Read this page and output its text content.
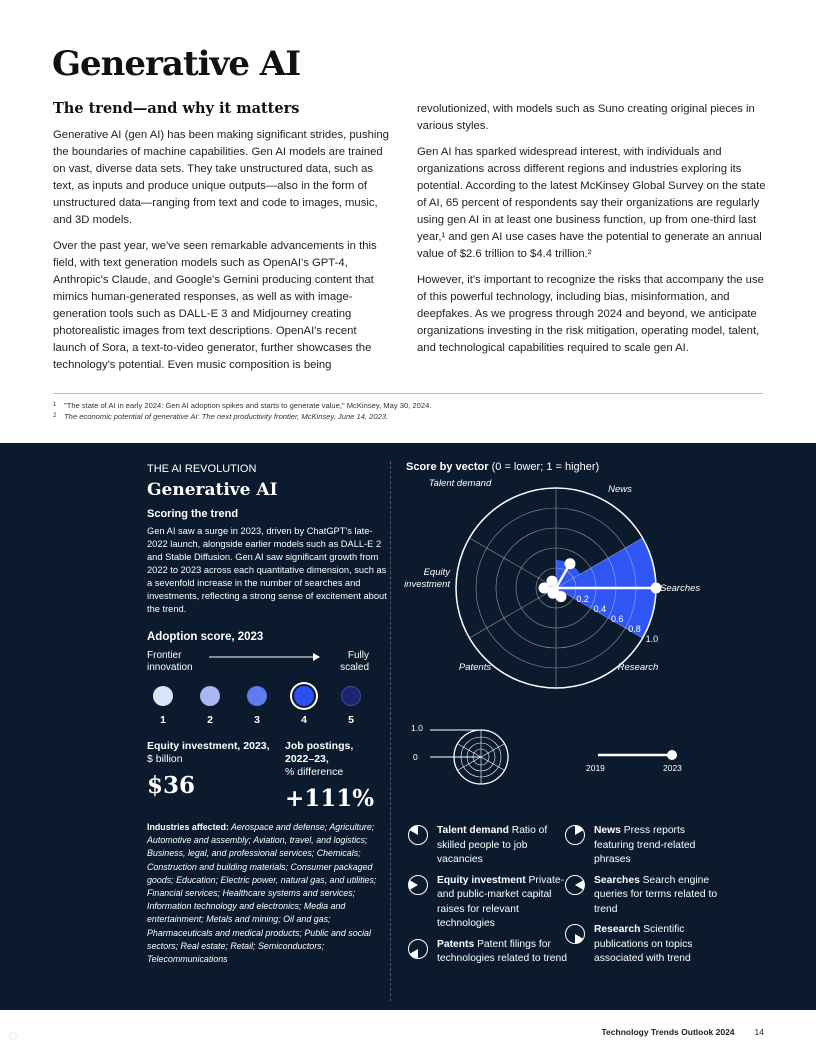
Generative AI
The trend—and why it matters

Generative AI (gen AI) has been making significant strides, pushing the boundaries of machine capabilities. Gen AI models are trained on vast, diverse data sets. They take unstructured data, such as text, as inputs and produce unique outputs—also in the form of unstructured data—ranging from text and code to images, music, and 3D models.

Over the past year, we've seen remarkable advancements in this field, with text generation models such as OpenAI's GPT-4, Anthropic's Claude, and Google's Gemini producing content that mimics human-generated responses, as well as with image-generation tools such as DALL-E 3 and Midjourney creating photorealistic images from text descriptions. OpenAI's recent launch of Sora, a text-to-video generator, further showcases the technology's potential. Even music composition is being

revolutionized, with models such as Suno creating original pieces in various styles.

Gen AI has sparked widespread interest, with individuals and organizations across different regions and industries exploring its potential. According to the latest McKinsey Global Survey on the state of AI, 65 percent of respondents say their organizations are regularly using gen AI in at least one business function, up from one-third last year,¹ and gen AI use cases have the potential to generate an annual value of $2.6 trillion to $4.4 trillion.²

However, it's important to recognize the risks that accompany the use of this powerful technology, including bias, misinformation, and deepfakes. As we progress through 2024 and beyond, we anticipate organizations investing in the risk mitigation, operating model, talent, and technological capabilities required to scale gen AI.

$^1$ "The state of AI in early 2024: Gen AI adoption spikes and starts to generate value," McKinsey, May 30, 2024.
$^2$ The economic potential of generative AI: The next productivity frontier, McKinsey, June 14, 2023.
THE AI REVOLUTION
Generative AI
Scoring the trend
Gen AI saw a surge in 2023, driven by ChatGPT's late-2022 launch, alongside earlier models such as DALL-E 2 and Stable Diffusion. Gen AI saw significant growth from 2022 to 2023 across each quantitative dimension, such as a sevenfold increase in the number of searches and investments, reflecting a strong sense of excitement about the trend.
Adoption score, 2023
Frontier innovation
Fully scaled
1	2	3	4	5
Equity investment, 2023,
$ billion
$36
Job postings, 2022–23,
% difference
+111%
Industries affected: Aerospace and defense; Agriculture; Automotive and assembly; Aviation, travel, and logistics; Business, legal, and professional services; Chemicals; Construction and building materials; Consumer packaged goods; Education; Electric power, natural gas, and utilities; Financial services; Healthcare systems and services; Information technology and electronics; Media and entertainment; Metals and mining; Oil and gas; Pharmaceuticals and medical products; Public and social sectors; Real estate; Retail; Semiconductors; Telecommunications
Score by vector (0 = lower; 1 = higher)
0.2
0.4
0.6
0.8
1.0
Searches
News
Talent demand
Equity
investment
Patents	Research
1.0
0
2019	2023
Talent demand Ratio of skilled people to job vacancies
Equity investment Private- and public-market capital raises for relevant technologies
Patents Patent filings for technologies related to trend
News Press reports featuring trend-related phrases
Searches Search engine queries for terms related to trend
Research Scientific publications on topics associated with trend
◌	Technology Trends Outlook 2024 14
